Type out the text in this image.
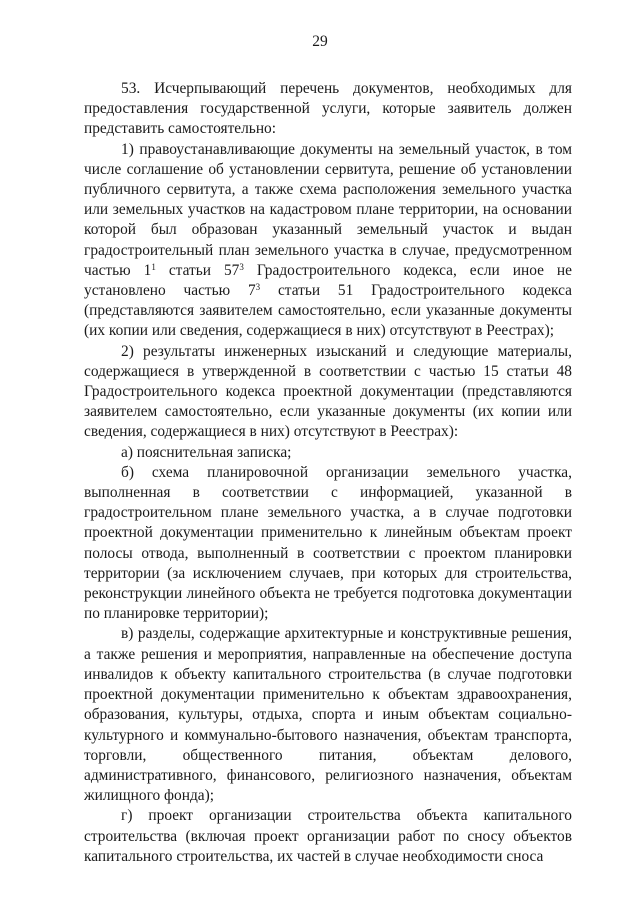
29

53. Исчерпывающий перечень документов, необходимых для предоставления государственной услуги, которые заявитель должен представить самостоятельно:

1) правоустанавливающие документы на земельный участок, в том числе соглашение об установлении сервитута, решение об установлении публичного сервитута, а также схема расположения земельного участка или земельных участков на кадастровом плане территории, на основании которой был образован указанный земельный участок и выдан градостроительный план земельного участка в случае, предусмотренном частью $1^1$ статьи $57^3$ Градостроительного кодекса, если иное не установлено частью $7^3$ статьи 51 Градостроительного кодекса (представляются заявителем самостоятельно, если указанные документы (их копии или сведения, содержащиеся в них) отсутствуют в Реестрах);

2) результаты инженерных изысканий и следующие материалы, содержащиеся в утвержденной в соответствии с частью 15 статьи 48 Градостроительного кодекса проектной документации (представляются заявителем самостоятельно, если указанные документы (их копии или сведения, содержащиеся в них) отсутствуют в Реестрах):

а) пояснительная записка;

б) схема планировочной организации земельного участка, выполненная в соответствии с информацией, указанной в градостроительном плане земельного участка, а в случае подготовки проектной документации применительно к линейным объектам проект полосы отвода, выполненный в соответствии с проектом планировки территории (за исключением случаев, при которых для строительства, реконструкции линейного объекта не требуется подготовка документации по планировке территории);

в) разделы, содержащие архитектурные и конструктивные решения, а также решения и мероприятия, направленные на обеспечение доступа инвалидов к объекту капитального строительства (в случае подготовки проектной документации применительно к объектам здравоохранения, образования, культуры, отдыха, спорта и иным объектам социально-культурного и коммунально-бытового назначения, объектам транспорта, торговли, общественного питания, объектам делового, административного, финансового, религиозного назначения, объектам жилищного фонда);

г) проект организации строительства объекта капитального строительства (включая проект организации работ по сносу объектов капитального строительства, их частей в случае необходимости сноса
